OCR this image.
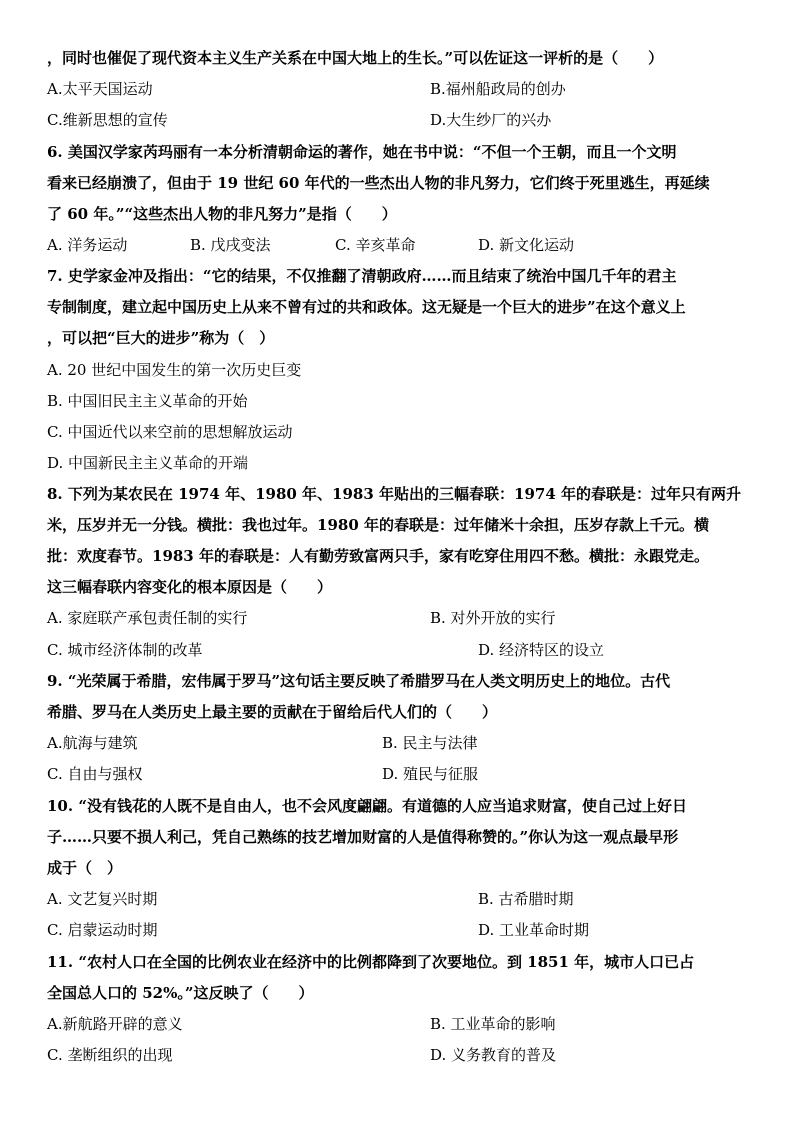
，同时也催促了现代资本主义生产关系在中国大地上的生长。”可以佐证这一评析的是（　　）
A.太平天国运动	B.福州船政局的创办
C.维新思想的宣传	D.大生纱厂的兴办
6. 美国汉学家芮玛丽有一本分析清朝命运的著作，她在书中说：“不但一个王朝，而且一个文明
看来已经崩溃了，但由于 19 世纪 60 年代的一些杰出人物的非凡努力，它们终于死里逃生，再延续
了 60 年。”“这些杰出人物的非凡努力”是指（　　）
A. 洋务运动	B. 戊戌变法	C. 辛亥革命	D. 新文化运动
7. 史学家金冲及指出：“它的结果，不仅推翻了清朝政府……而且结束了统治中国几千年的君主
专制制度，建立起中国历史上从来不曾有过的共和政体。这无疑是一个巨大的进步”在这个意义上
，可以把“巨大的进步”称为（　）
A. 20 世纪中国发生的第一次历史巨变
B. 中国旧民主主义革命的开始
C. 中国近代以来空前的思想解放运动
D. 中国新民主主义革命的开端
8. 下列为某农民在 1974 年、1980 年、1983 年贴出的三幅春联：1974 年的春联是：过年只有两升
米，压岁并无一分钱。横批：我也过年。1980 年的春联是：过年储米十余担，压岁存款上千元。横
批：欢度春节。1983 年的春联是：人有勤劳致富两只手，家有吃穿住用四不愁。横批：永跟党走。
这三幅春联内容变化的根本原因是（　　）
A. 家庭联产承包责任制的实行	B. 对外开放的实行
C. 城市经济体制的改革	D. 经济特区的设立
9. “光荣属于希腊，宏伟属于罗马”这句话主要反映了希腊罗马在人类文明历史上的地位。古代
希腊、罗马在人类历史上最主要的贡献在于留给后代人们的（　　）
A.航海与建筑	B. 民主与法律
C. 自由与强权	D. 殖民与征服
10. “没有钱花的人既不是自由人，也不会风度翩翩。有道德的人应当追求财富，使自己过上好日
子……只要不损人利己，凭自己熟练的技艺增加财富的人是值得称赞的。”你认为这一观点最早形
成于（　）
A. 文艺复兴时期	B. 古希腊时期
C. 启蒙运动时期	D. 工业革命时期
11. “农村人口在全国的比例农业在经济中的比例都降到了次要地位。到 1851 年，城市人口已占
全国总人口的 52%。”这反映了（　　）
A.新航路开辟的意义	B. 工业革命的影响
C. 垄断组织的出现	D. 义务教育的普及
